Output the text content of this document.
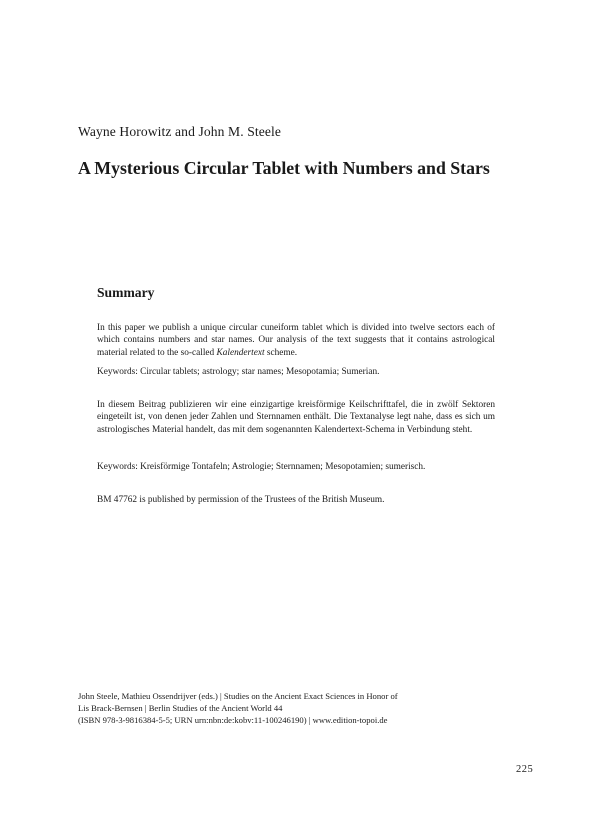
Wayne Horowitz and John M. Steele
A Mysterious Circular Tablet with Numbers and Stars
Summary

In this paper we publish a unique circular cuneiform tablet which is divided into twelve sectors each of which contains numbers and star names. Our analysis of the text suggests that it contains astrological material related to the so-called Kalendertext scheme.

Keywords: Circular tablets; astrology; star names; Mesopotamia; Sumerian.

In diesem Beitrag publizieren wir eine einzigartige kreisförmige Keilschrifttafel, die in zwölf Sektoren eingeteilt ist, von denen jeder Zahlen und Sternnamen enthält. Die Textanalyse legt nahe, dass es sich um astrologisches Material handelt, das mit dem sogenannten Kalendertext-Schema in Verbindung steht.

Keywords: Kreisförmige Tontafeln; Astrologie; Sternnamen; Mesopotamien; sumerisch.

BM 47762 is published by permission of the Trustees of the British Museum.

John Steele, Mathieu Ossendrijver (eds.) | Studies on the Ancient Exact Sciences in Honor of
Lis Brack-Bernsen | Berlin Studies of the Ancient World 44
(ISBN 978-3-9816384-5-5; URN urn:nbn:de:kobv:11-100246190) | www.edition-topoi.de
225
